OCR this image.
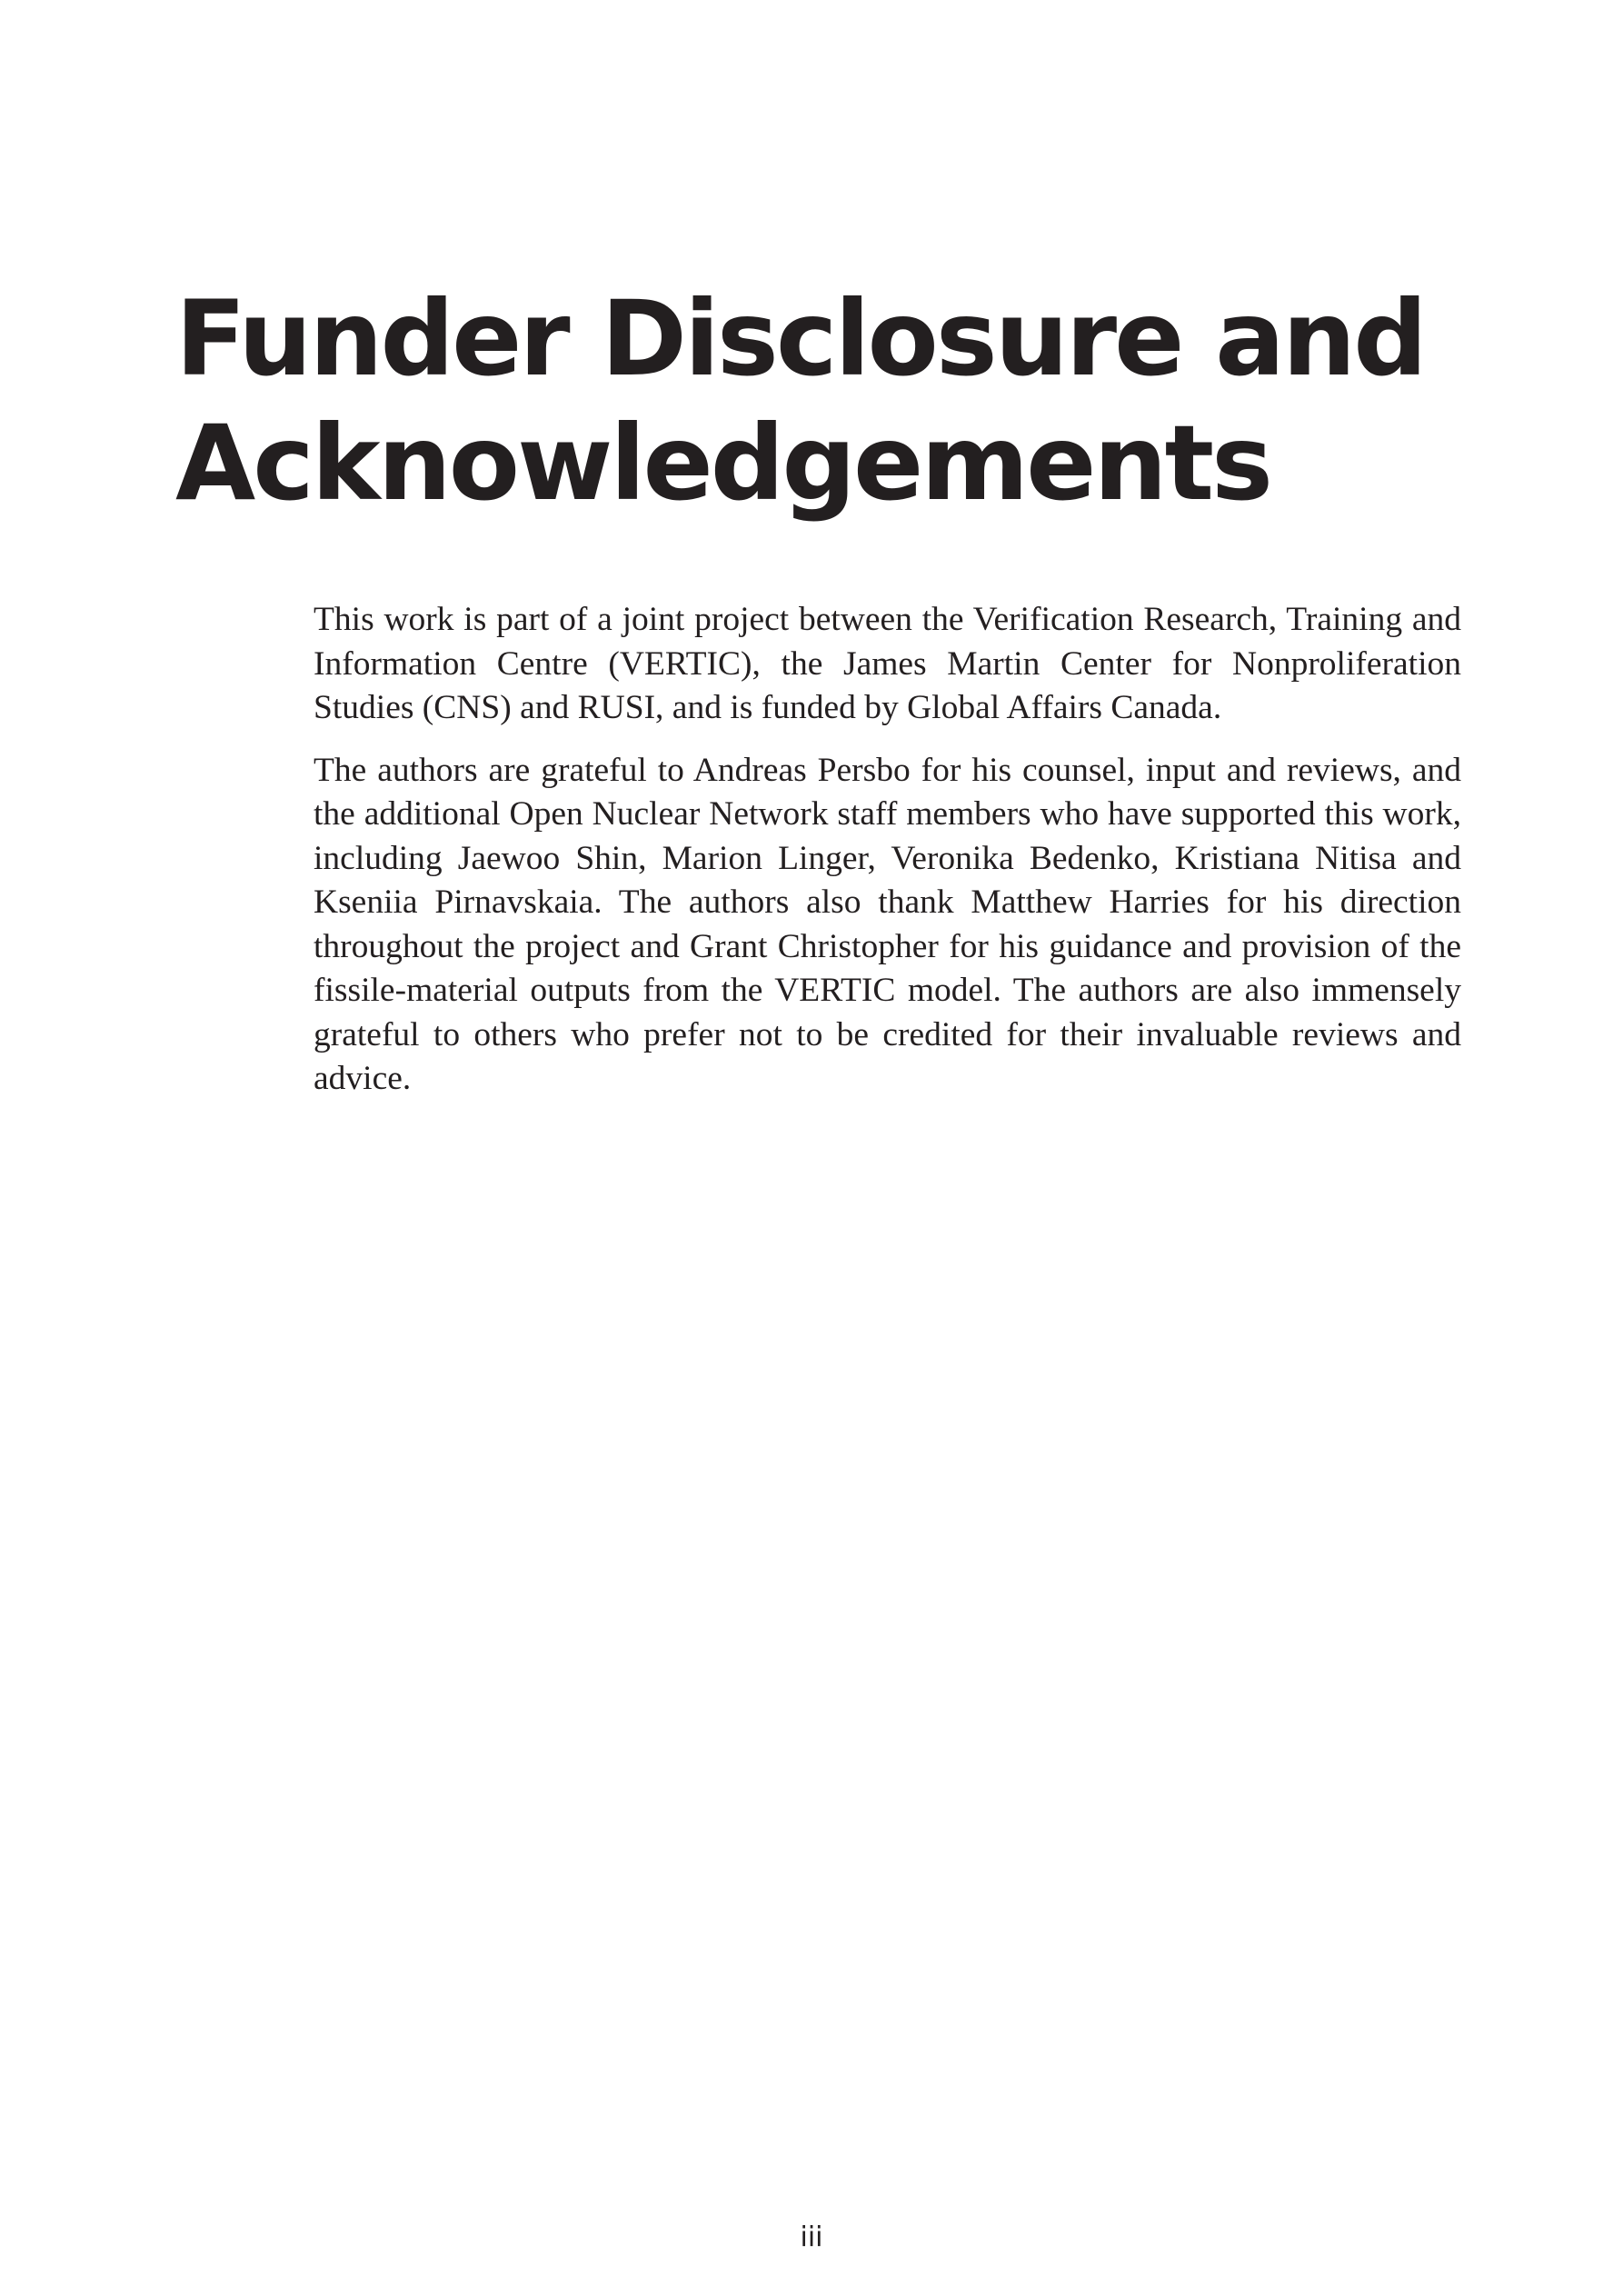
Funder Disclosure and
Acknowledgements

This work is part of a joint project between the Verification Research, Training and Information Centre (VERTIC), the James Martin Center for Nonproliferation Studies (CNS) and RUSI, and is funded by Global Affairs Canada.

The authors are grateful to Andreas Persbo for his counsel, input and reviews, and the additional Open Nuclear Network staff members who have supported this work, including Jaewoo Shin, Marion Linger, Veronika Bedenko, Kristiana Nitisa and Kseniia Pirnavskaia. The authors also thank Matthew Harries for his direction throughout the project and Grant Christopher for his guidance and provision of the fissile-material outputs from the VERTIC model. The authors are also immensely grateful to others who prefer not to be credited for their invaluable reviews and advice.

iii
